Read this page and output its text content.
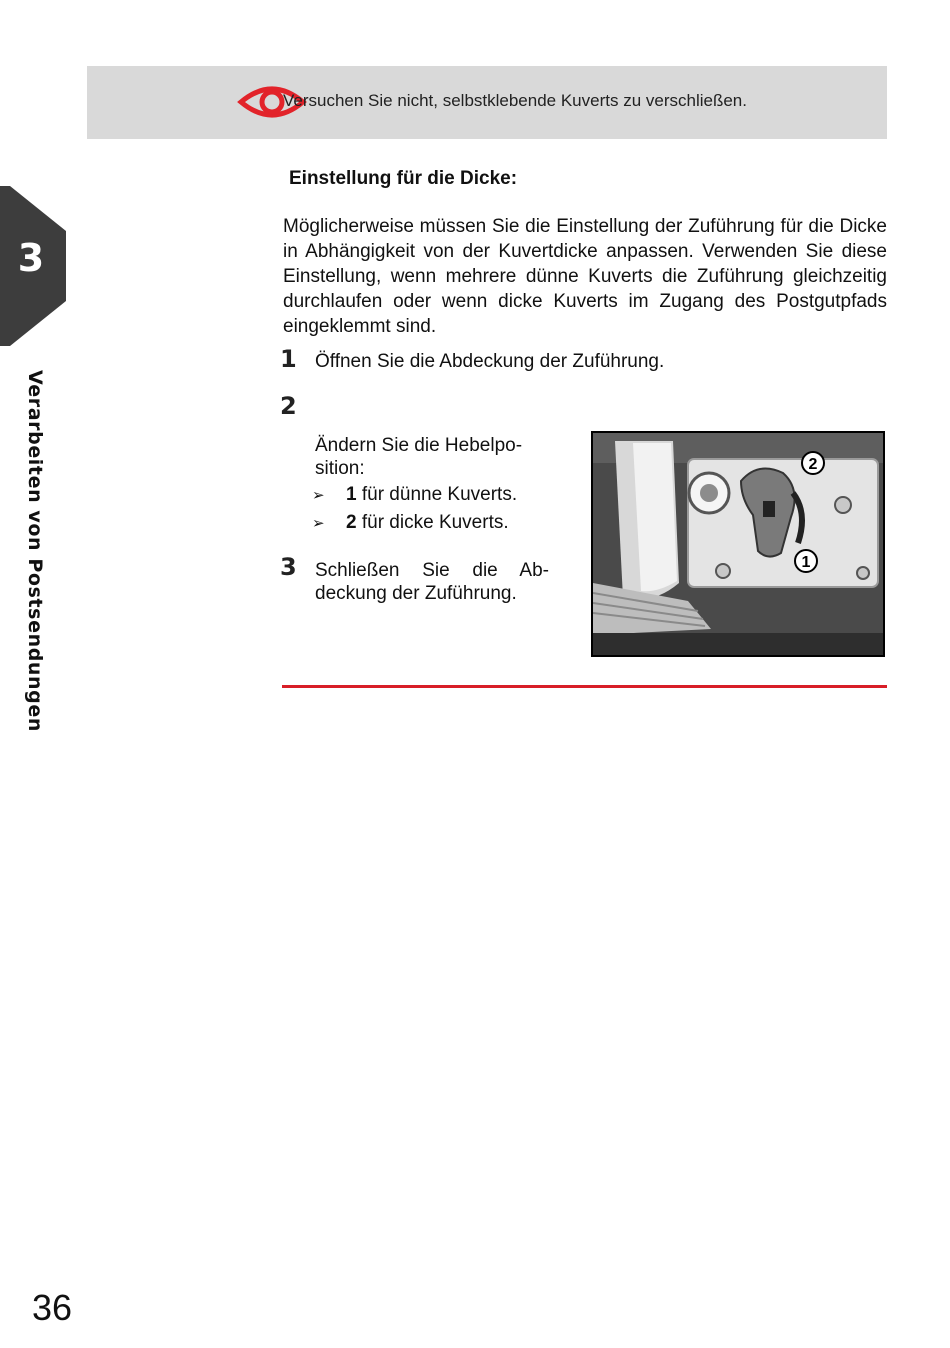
Versuchen Sie nicht, selbstklebende Kuverts zu verschließen.
3
Verarbeiten von Postsendungen
Einstellung für die Dicke:

Möglicherweise müssen Sie die Einstellung der Zuführung für die Dicke in Abhängigkeit von der Kuvertdicke anpassen. Verwenden Sie diese Einstellung, wenn mehrere dünne Kuverts die Zuführung gleichzeitig durchlaufen oder wenn dicke Kuverts im Zugang des Postgutpfads eingeklemmt sind.

1 Öffnen Sie die Abdeckung der Zuführung.
2
Ändern Sie die Hebelposition:
➢ 1 für dünne Kuverts.
➢ 2 für dicke Kuverts.
3 Schließen Sie die Abdeckung der Zuführung.
2
1
36
